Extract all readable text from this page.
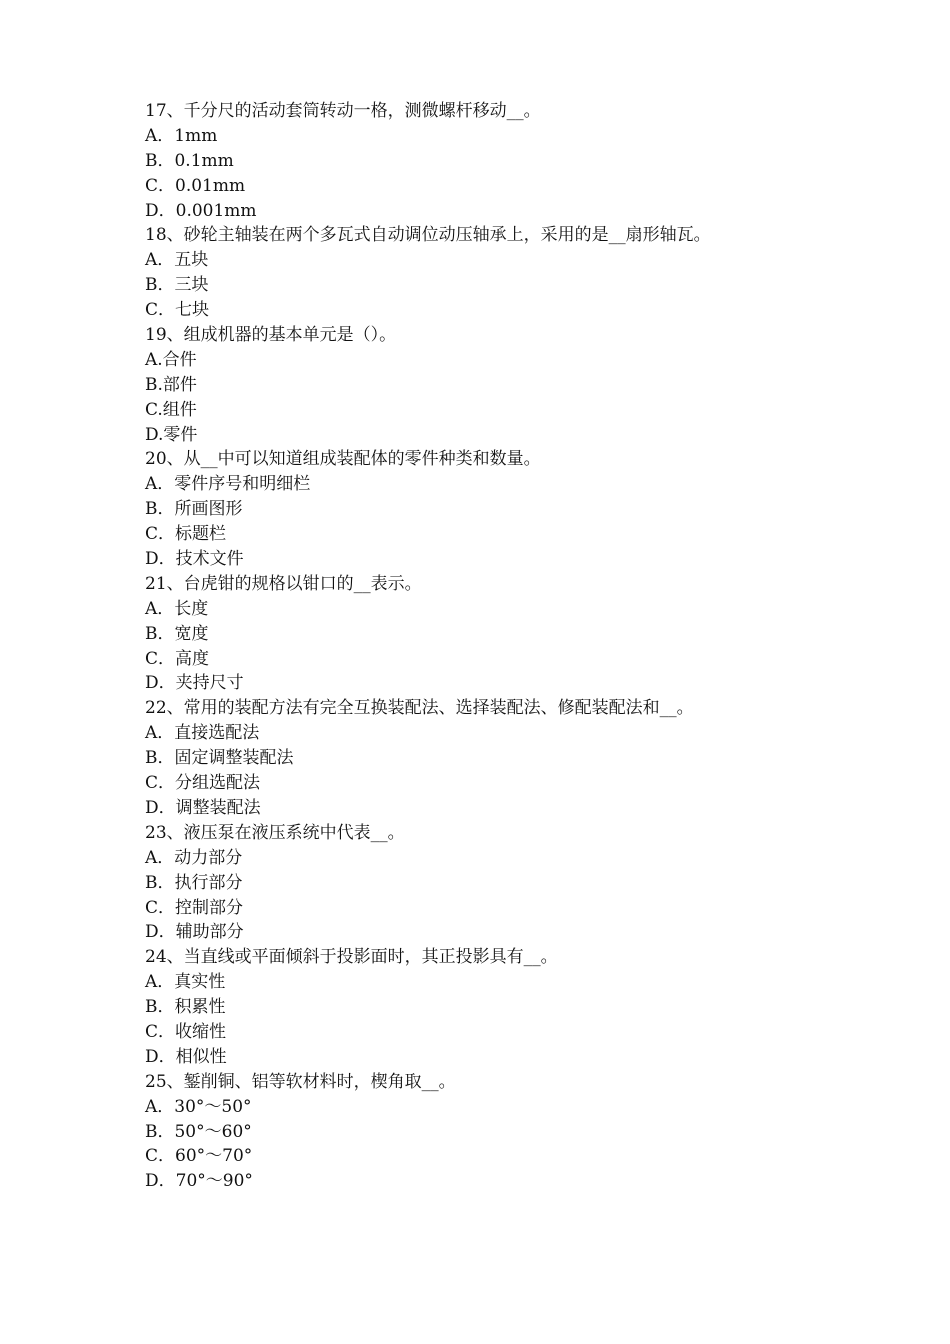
17、千分尺的活动套筒转动一格，测微螺杆移动__。
A．1mm
B．0.1mm
C．0.01mm
D．0.001mm
18、砂轮主轴装在两个多瓦式自动调位动压轴承上，采用的是__扇形轴瓦。
A．五块
B．三块
C．七块
19、组成机器的基本单元是（）。
A.合件
B.部件
C.组件
D.零件
20、从__中可以知道组成装配体的零件种类和数量。
A．零件序号和明细栏
B．所画图形
C．标题栏
D．技术文件
21、台虎钳的规格以钳口的__表示。
A．长度
B．宽度
C．高度
D．夹持尺寸
22、常用的装配方法有完全互换装配法、选择装配法、修配装配法和__。
A．直接选配法
B．固定调整装配法
C．分组选配法
D．调整装配法
23、液压泵在液压系统中代表__。
A．动力部分
B．执行部分
C．控制部分
D．辅助部分
24、当直线或平面倾斜于投影面时，其正投影具有__。
A．真实性
B．积累性
C．收缩性
D．相似性
25、錾削铜、铝等软材料时，楔角取__。
A．30°～50°
B．50°～60°
C．60°～70°
D．70°～90°
